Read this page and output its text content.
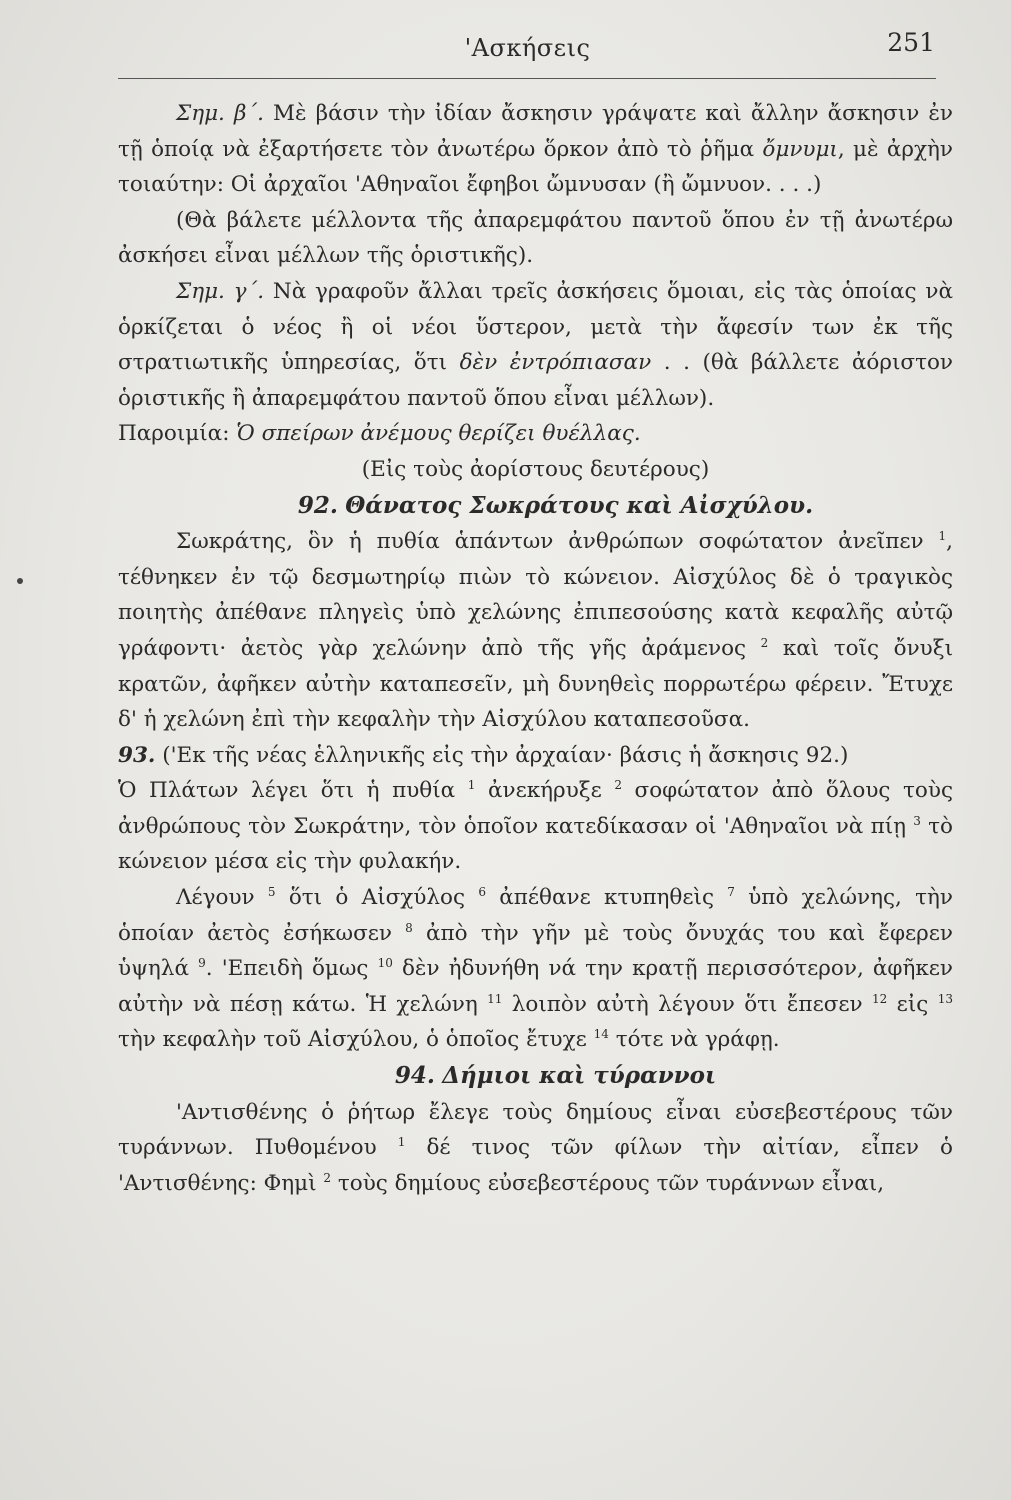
'Ασκήσεις	251

Σημ. β΄. Μὲ βάσιν τὴν ἰδίαν ἄσκησιν γράψατε καὶ ἄλλην ἄσκησιν ἐν τῇ ὁποίᾳ νὰ ἐξαρτήσετε τὸν ἀνωτέρω ὅρκον ἀπὸ τὸ ῥῆμα ὄμνυμι, μὲ ἀρχὴν τοιαύτην: Οἱ ἀρχαῖοι 'Αθηναῖοι ἔφηβοι ὤμνυσαν (ἢ ὤμνυον. . . .)

(Θὰ βάλετε μέλλοντα τῆς ἀπαρεμφάτου παντοῦ ὅπου ἐν τῇ ἀνωτέρω ἀσκήσει εἶναι μέλλων τῆς ὁριστικῆς).

Σημ. γ΄. Νὰ γραφοῦν ἄλλαι τρεῖς ἀσκήσεις ὅμοιαι, εἰς τὰς ὁποίας νὰ ὁρκίζεται ὁ νέος ἢ οἱ νέοι ὕστερον, μετὰ τὴν ἄφεσίν των ἐκ τῆς στρατιωτικῆς ὑπηρεσίας, ὅτι δὲν ἐντρόπιασαν . . (θὰ βάλλετε ἀόριστον ὁριστικῆς ἢ ἀπαρεμφάτου παντοῦ ὅπου εἶναι μέλλων).

Παροιμία: Ὁ σπείρων ἀνέμους θερίζει θυέλλας.

(Εἰς τοὺς ἀορίστους δευτέρους)

92. Θάνατος Σωκράτους καὶ Αἰσχύλου.

Σωκράτης, ὃν ἡ πυθία ἁπάντων ἀνθρώπων σοφώτατον ἀνεῖπεν $^1$, τέθνηκεν ἐν τῷ δεσμωτηρίῳ πιὼν τὸ κώνειον. Αἰσχύλος δὲ ὁ τραγικὸς ποιητὴς ἀπέθανε πληγεὶς ὑπὸ χελώνης ἐπιπεσούσης κατὰ κεφαλῆς αὐτῷ γράφοντι· ἀετὸς γὰρ χελώνην ἀπὸ τῆς γῆς ἀράμενος $^2$ καὶ τοῖς ὄνυξι κρατῶν, ἀφῆκεν αὐτὴν καταπεσεῖν, μὴ δυνηθεὶς πορρωτέρω φέρειν. Ἔτυχε δ' ἡ χελώνη ἐπὶ τὴν κεφαλὴν τὴν Αἰσχύλου καταπεσοῦσα.

93. ('Εκ τῆς νέας ἑλληνικῆς εἰς τὴν ἀρχαίαν· βάσις ἡ ἄσκησις 92.)

Ὁ Πλάτων λέγει ὅτι ἡ πυθία $^1$ ἀνεκήρυξε $^2$ σοφώτατον ἀπὸ ὅλους τοὺς ἀνθρώπους τὸν Σωκράτην, τὸν ὁποῖον κατεδίκασαν οἱ 'Αθηναῖοι νὰ πίῃ $^3$ τὸ κώνειον μέσα εἰς τὴν φυλακήν.

Λέγουν $^5$ ὅτι ὁ Αἰσχύλος $^6$ ἀπέθανε κτυπηθεὶς $^7$ ὑπὸ χελώνης, τὴν ὁποίαν ἀετὸς ἐσήκωσεν $^8$ ἀπὸ τὴν γῆν μὲ τοὺς ὄνυχάς του καὶ ἔφερεν ὑψηλά $^9$. 'Επειδὴ ὅμως $^{10}$ δὲν ἠδυνήθη νά την κρατῇ περισσότερον, ἀφῆκεν αὐτὴν νὰ πέσῃ κάτω. Ἡ χελώνη $^{11}$ λοιπὸν αὐτὴ λέγουν ὅτι ἔπεσεν $^{12}$ εἰς $^{13}$ τὴν κεφαλὴν τοῦ Αἰσχύλου, ὁ ὁποῖος ἔτυχε $^{14}$ τότε νὰ γράφῃ.

94. Δήμιοι καὶ τύραννοι

'Αντισθένης ὁ ῥήτωρ ἔλεγε τοὺς δημίους εἶναι εὐσεβεστέρους τῶν τυράννων. Πυθομένου $^1$ δέ τινος τῶν φίλων τὴν αἰτίαν, εἶπεν ὁ 'Αντισθένης: Φημὶ $^2$ τοὺς δημίους εὐσεβεστέρους τῶν τυράννων εἶναι,
